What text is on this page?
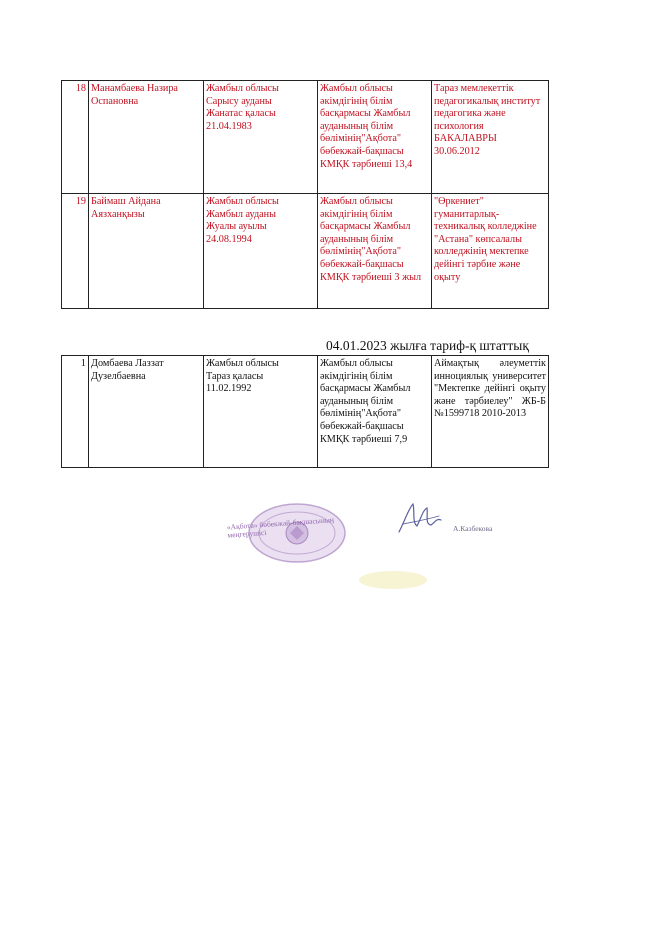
18	Манамбаева Назира Оспановна	Жамбыл облысы
Сарысу ауданы
Жанатас қаласы
21.04.1983	Жамбыл облысы әкімдігінің білім басқармасы Жамбыл ауданының білім бөлімінің"Ақбота" бөбекжай-бақшасы КМҚК тәрбиеші 13,4	Тараз мемлекеттік педагогикалық институт педагогика және психология БАКАЛАВРЫ
30.06.2012
19	Баймаш Айдана Аязханқызы	Жамбыл облысы
Жамбыл ауданы
Жуалы ауылы
24.08.1994	Жамбыл облысы әкімдігінің білім басқармасы Жамбыл ауданының білім бөлімінің"Ақбота" бөбекжай-бақшасы КМҚК тәрбиеші 3 жыл	"Өркениет" гуманитарлық-техникалық колледжіне "Астана" көпсалалы колледжінің мектепке дейінгі тәрбие және оқыту
04.01.2023 жылға тариф-қ штаттық
1	Домбаева Лаззат Дузелбаевна	Жамбыл облысы
Тараз қаласы
11.02.1992	Жамбыл облысы әкімдігінің білім басқармасы Жамбыл ауданының білім бөлімінің"Ақбота" бөбекжай-бақшасы КМҚК тәрбиеші 7,9	Аймақтық әлеуметтік инноциялық университет "Мектепке дейінгі оқыту және тәрбиелеу" ЖБ-Б №1599718 2010-2013
«Ақбота» бөбекжай-бақшасының
меңгерушісі	А.Казбекова
